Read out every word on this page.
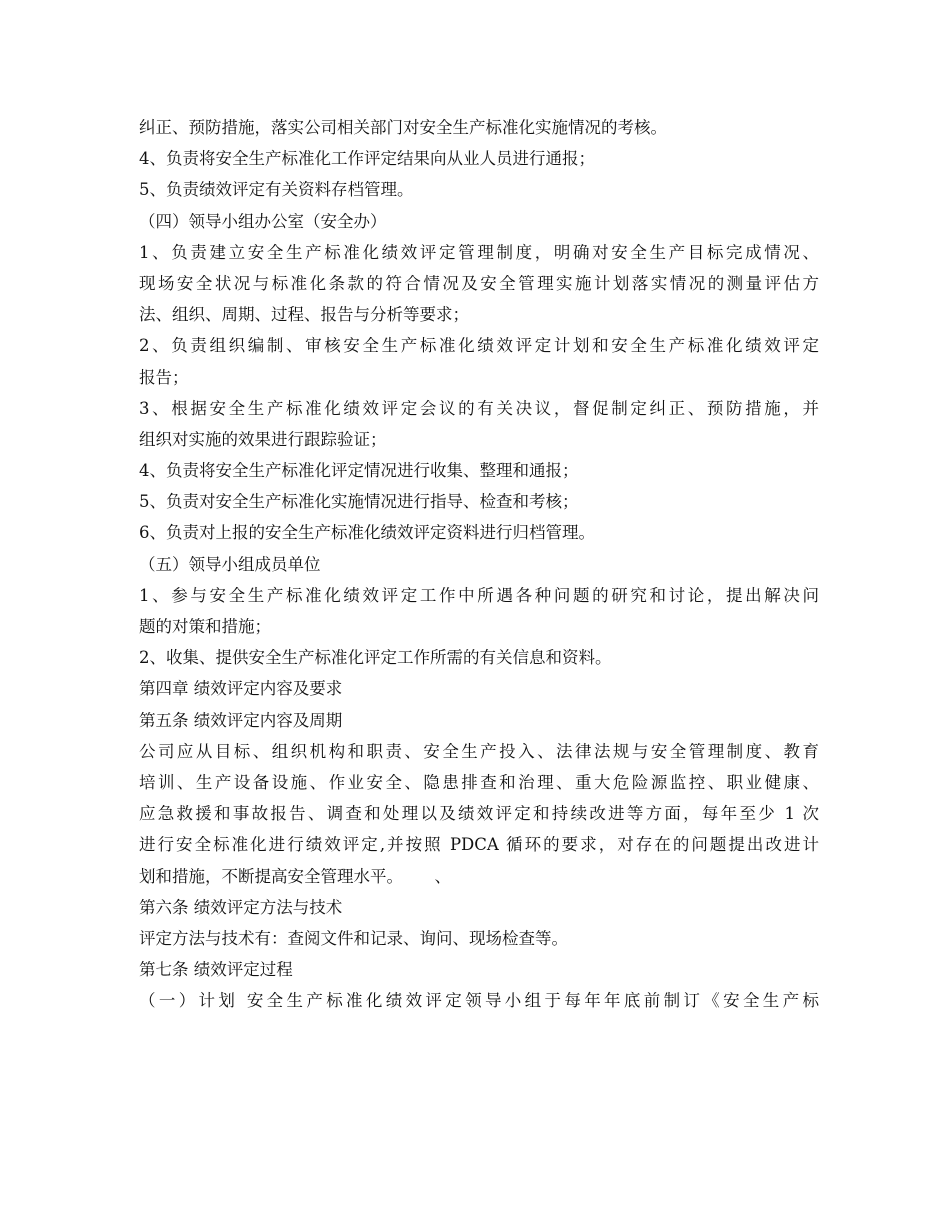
纠正、预防措施，落实公司相关部门对安全生产标准化实施情况的考核。
4、负责将安全生产标准化工作评定结果向从业人员进行通报；
5、负责绩效评定有关资料存档管理。
（四）领导小组办公室（安全办）
1、负责建立安全生产标准化绩效评定管理制度，明确对安全生产目标完成情况、
现场安全状况与标准化条款的符合情况及安全管理实施计划落实情况的测量评估方
法、组织、周期、过程、报告与分析等要求；
2、负责组织编制、审核安全生产标准化绩效评定计划和安全生产标准化绩效评定
报告；
3、根据安全生产标准化绩效评定会议的有关决议，督促制定纠正、预防措施，并
组织对实施的效果进行跟踪验证；
4、负责将安全生产标准化评定情况进行收集、整理和通报；
5、负责对安全生产标准化实施情况进行指导、检查和考核；
6、负责对上报的安全生产标准化绩效评定资料进行归档管理。
（五）领导小组成员单位
1、参与安全生产标准化绩效评定工作中所遇各种问题的研究和讨论，提出解决问
题的对策和措施；
2、收集、提供安全生产标准化评定工作所需的有关信息和资料。
第四章 绩效评定内容及要求
第五条 绩效评定内容及周期
公司应从目标、组织机构和职责、安全生产投入、法律法规与安全管理制度、教育
培训、生产设备设施、作业安全、隐患排查和治理、重大危险源监控、职业健康、
应急救援和事故报告、调查和处理以及绩效评定和持续改进等方面，每年至少 1 次
进行安全标准化进行绩效评定,并按照 PDCA 循环的要求，对存在的问题提出改进计
划和措施，不断提高安全管理水平。      、
第六条 绩效评定方法与技术
评定方法与技术有：查阅文件和记录、询问、现场检查等。
第七条 绩效评定过程
（一）计划 安全生产标准化绩效评定领导小组于每年年底前制订《安全生产标
